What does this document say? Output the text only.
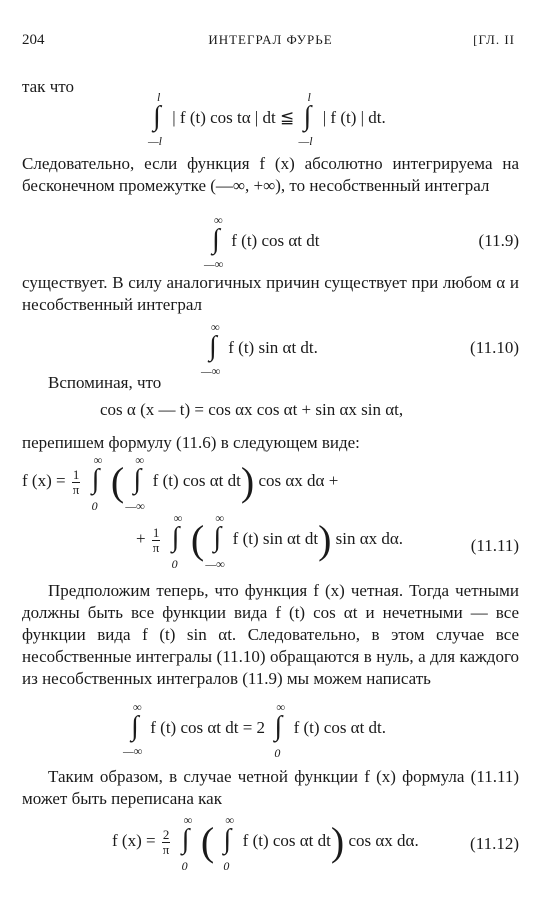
204	ИНТЕГРАЛ ФУРЬЕ	[ГЛ. II
так что
∫
l
—l
| f (t) cos tα | dt ≦ ∫
l
—l
| f (t) | dt.
Следовательно, если функция f (x) абсолютно интегрируема на бесконечном промежутке (—∞, +∞), то несобственный интеграл
∫
∞
—∞
f (t) cos αt dt	(11.9)
существует. В силу аналогичных причин существует при любом α и несобственный интеграл
∫
∞
—∞
f (t) sin αt dt.	(11.10)
Вспоминая, что
cos α (x — t) = cos αx cos αt + sin αx sin αt,
перепишем формулу (11.6) в следующем виде:
f $(x) = \frac{1}{\pi}$
∫
∞
0
( ∫
∞
—∞
f (t) cos αt dt) cos αx dα +
+ $\frac{1}{\pi}$
∫
∞
0
( ∫
∞
—∞
f (t) sin αt dt) sin αx dα.	(11.11)
Предположим теперь, что функция f (x) четная. Тогда четными должны быть все функции вида f (t) cos αt и нечетными — все функции вида f (t) sin αt. Следовательно, в этом случае все несобственные интегралы (11.10) обращаются в нуль, а для каждого из несобственных интегралов (11.9) мы можем написать
∫
∞
—∞
f (t) cos αt dt = 2 ∫
∞
0
f (t) cos αt dt.
Таким образом, в случае четной функции f (x) формула (11.11) может быть переписана как
f $(x) = \frac{2}{\pi}$
∫
∞
0
( ∫
∞
0
f (t) cos αt dt) cos αx dα.	(11.12)
